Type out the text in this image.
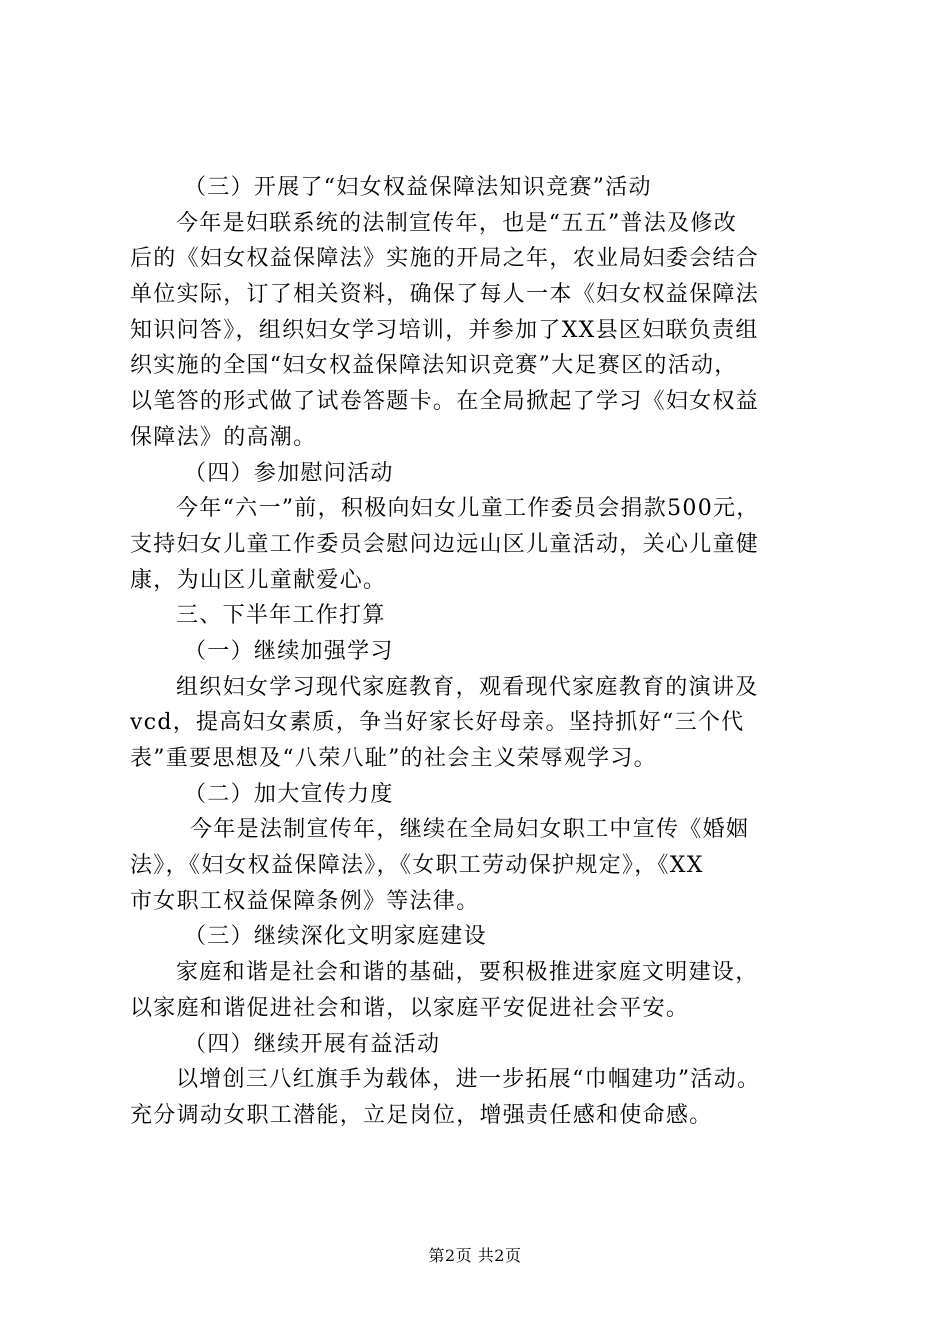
（三）开展了“妇女权益保障法知识竞赛”活动
今年是妇联系统的法制宣传年，也是“五五”普法及修改
后的《妇女权益保障法》实施的开局之年，农业局妇委会结合
单位实际，订了相关资料，确保了每人一本《妇女权益保障法
知识问答》，组织妇女学习培训，并参加了XX县区妇联负责组
织实施的全国“妇女权益保障法知识竞赛”大足赛区的活动，
以笔答的形式做了试卷答题卡。在全局掀起了学习《妇女权益
保障法》的高潮。
（四）参加慰问活动
今年“六一”前，积极向妇女儿童工作委员会捐款500元，
支持妇女儿童工作委员会慰问边远山区儿童活动，关心儿童健
康，为山区儿童献爱心。
三、下半年工作打算
（一）继续加强学习
组织妇女学习现代家庭教育，观看现代家庭教育的演讲及
vcd，提高妇女素质，争当好家长好母亲。坚持抓好“三个代
表”重要思想及“八荣八耻”的社会主义荣辱观学习。
（二）加大宣传力度
今年是法制宣传年，继续在全局妇女职工中宣传《婚姻
法》，《妇女权益保障法》，《女职工劳动保护规定》，《XX
市女职工权益保障条例》等法律。
（三）继续深化文明家庭建设
家庭和谐是社会和谐的基础，要积极推进家庭文明建设，
以家庭和谐促进社会和谐，以家庭平安促进社会平安。
（四）继续开展有益活动
以增创三八红旗手为载体，进一步拓展“巾帼建功”活动。
充分调动女职工潜能，立足岗位，增强责任感和使命感。
第2页 共2页
